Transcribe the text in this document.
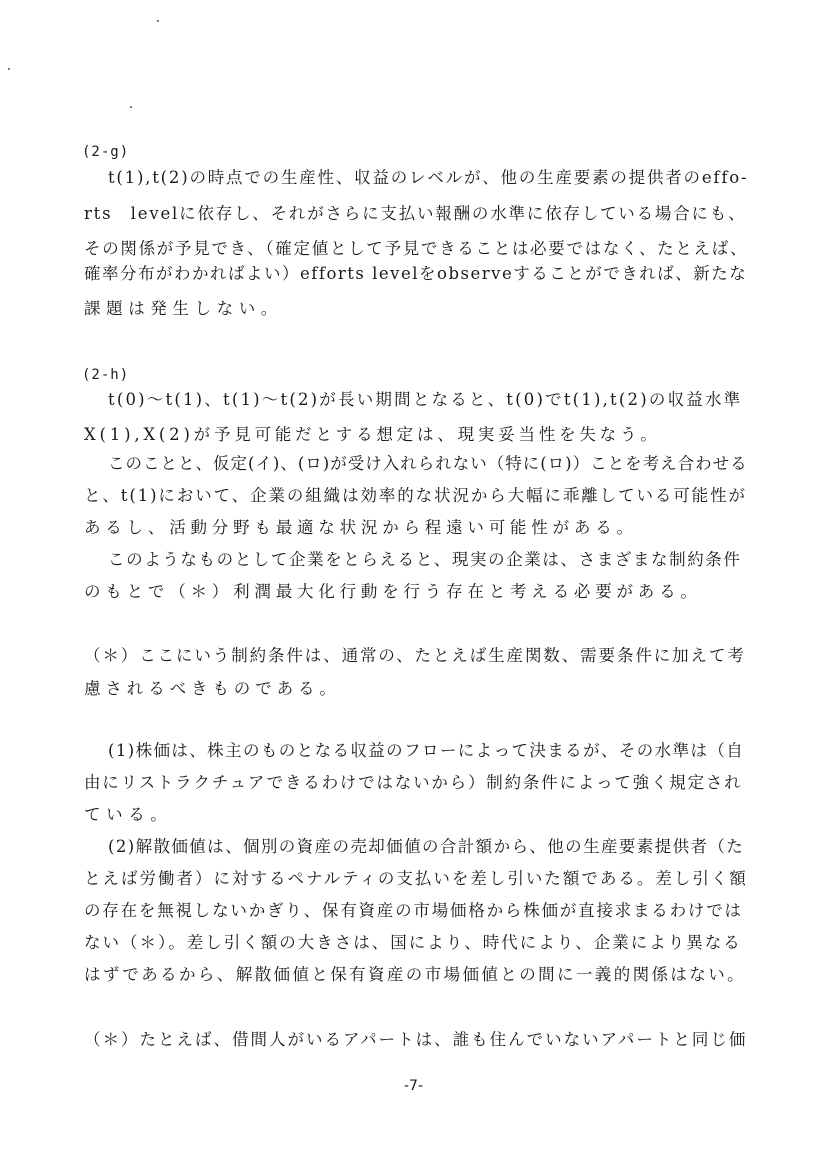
(2-g)
t(1),t(2)の時点での生産性、収益のレベルが、他の生産要素の提供者のeffo-
rts　levelに依存し、それがさらに支払い報酬の水準に依存している場合にも、
その関係が予見でき、（確定値として予見できることは必要ではなく、たとえば、
確率分布がわかればよい）efforts levelをobserveすることができれば、新たな
課題は発生しない。
(2-h)
t(0)～t(1)、t(1)～t(2)が長い期間となると、t(0)でt(1),t(2)の収益水準
X(1),X(2)が予見可能だとする想定は、現実妥当性を失なう。
このことと、仮定(イ)、(ロ)が受け入れられない（特に(ロ)）ことを考え合わせる
と、t(1)において、企業の組織は効率的な状況から大幅に乖離している可能性が
あるし、活動分野も最適な状況から程遠い可能性がある。
このようなものとして企業をとらえると、現実の企業は、さまざまな制約条件
のもとで（＊）利潤最大化行動を行う存在と考える必要がある。
（＊）ここにいう制約条件は、通常の、たとえば生産関数、需要条件に加えて考
慮されるべきものである。
(1)株価は、株主のものとなる収益のフローによって決まるが、その水準は（自
由にリストラクチュアできるわけではないから）制約条件によって強く規定され
ている。
(2)解散価値は、個別の資産の売却価値の合計額から、他の生産要素提供者（た
とえば労働者）に対するペナルティの支払いを差し引いた額である。差し引く額
の存在を無視しないかぎり、保有資産の市場価格から株価が直接求まるわけでは
ない（＊）。差し引く額の大きさは、国により、時代により、企業により異なる
はずであるから、解散価値と保有資産の市場価値との間に一義的関係はない。
（＊）たとえば、借間人がいるアパートは、誰も住んでいないアパートと同じ価
-7-
